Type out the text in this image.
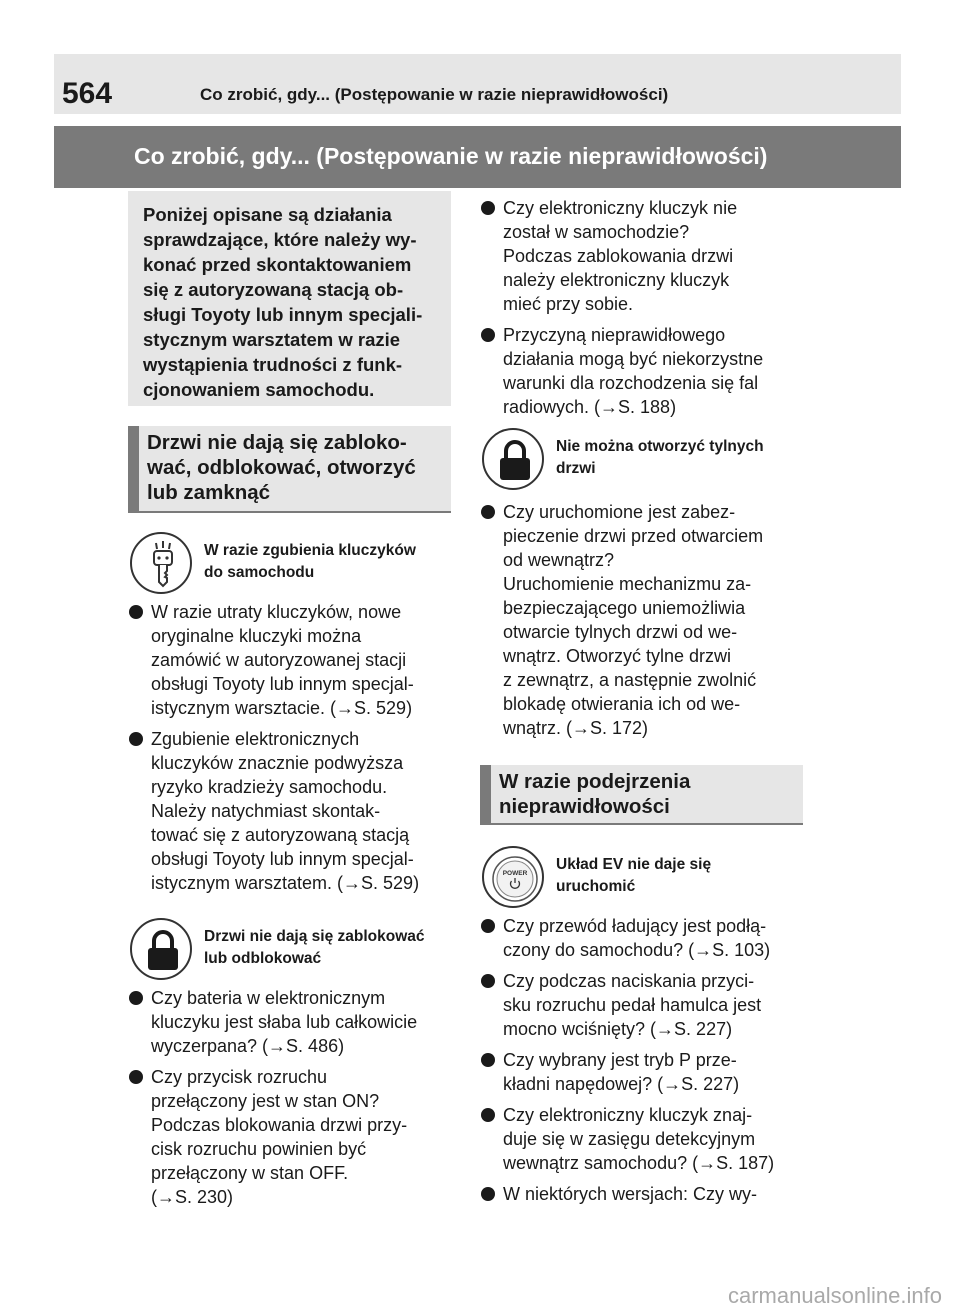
564	Co zrobić, gdy... (Postępowanie w razie nieprawidłowości)
Co zrobić, gdy... (Postępowanie w razie nieprawidłowości)
Poniżej opisane są działania
sprawdzające, które należy wy-
konać przed skontaktowaniem
się z autoryzowaną stacją ob-
sługi Toyoty lub innym specjali-
stycznym warsztatem w razie
wystąpienia trudności z funk-
cjonowaniem samochodu.
Drzwi nie dają się zabloko-
wać, odblokować, otworzyć
lub zamknąć
W razie zgubienia kluczyków
do samochodu
W razie utraty kluczyków, nowe
oryginalne kluczyki można
zamówić w autoryzowanej stacji
obsługi Toyoty lub innym specjal-
istycznym warsztacie. (→S. 529)
Zgubienie elektronicznych
kluczyków znacznie podwyższa
ryzyko kradzieży samochodu.
Należy natychmiast skontak-
tować się z autoryzowaną stacją
obsługi Toyoty lub innym specjal-
istycznym warsztatem. (→S. 529)
Drzwi nie dają się zablokować
lub odblokować
Czy bateria w elektronicznym
kluczyku jest słaba lub całkowicie
wyczerpana? (→S. 486)
Czy przycisk rozruchu
przełączony jest w stan ON?
Podczas blokowania drzwi przy-
cisk rozruchu powinien być
przełączony w stan OFF.
(→S. 230)
Czy elektroniczny kluczyk nie
został w samochodzie?
Podczas zablokowania drzwi
należy elektroniczny kluczyk
mieć przy sobie.
Przyczyną nieprawidłowego
działania mogą być niekorzystne
warunki dla rozchodzenia się fal
radiowych. (→S. 188)
Nie można otworzyć tylnych
drzwi
Czy uruchomione jest zabez-
pieczenie drzwi przed otwarciem
od wewnątrz?
Uruchomienie mechanizmu za-
bezpieczającego uniemożliwia
otwarcie tylnych drzwi od we-
wnątrz. Otworzyć tylne drzwi
z zewnątrz, a następnie zwolnić
blokadę otwierania ich od we-
wnątrz. (→S. 172)
W razie podejrzenia
nieprawidłowości
POWER
Układ EV nie daje się
uruchomić
Czy przewód ładujący jest podłą-
czony do samochodu? (→S. 103)
Czy podczas naciskania przyci-
sku rozruchu pedał hamulca jest
mocno wciśnięty? (→S. 227)
Czy wybrany jest tryb P prze-
kładni napędowej? (→S. 227)
Czy elektroniczny kluczyk znaj-
duje się w zasięgu detekcyjnym
wewnątrz samochodu? (→S. 187)
W niektórych wersjach: Czy wy-
carmanualsonline.info
